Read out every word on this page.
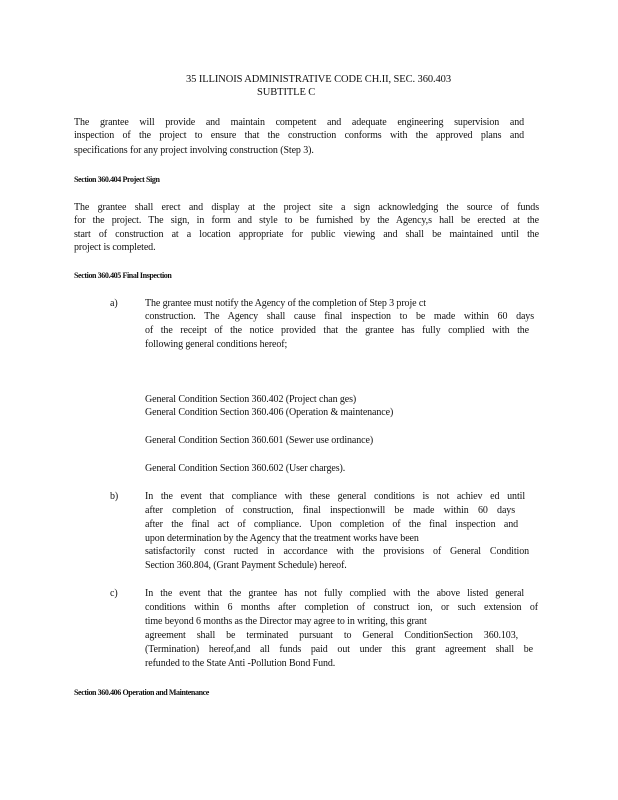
35 ILLINOIS ADMINISTRATIVE CODE CH.II, SEC. 360.403
SUBTITLE C
The grantee will provide and maintain competent and adequate engineering supervision and
inspection of the project to ensure that the construction conforms with the approved plans and
specifications for any project involving construction (Step 3).
Section 360.404 Project Sign
The grantee shall erect and display at the project site a sign acknowledging the source of funds
for the project. The sign, in form and style to be furnished by the Agency,s hall be erected at the
start of construction at a location appropriate for public viewing and shall be maintained until the
project is completed.
Section 360.405 Final Inspection
a)	The grantee must notify the Agency of the completion of Step 3 proje ct
construction. The Agency shall cause final inspection to be made within 60 days
of the receipt of the notice provided that the grantee has fully complied with the
following general conditions hereof;
General Condition Section 360.402 (Project chan ges)
General Condition Section 360.406 (Operation & maintenance)
General Condition Section 360.601 (Sewer use ordinance)
General Condition Section 360.602 (User charges).
b)	In the event that compliance with these general conditions is not achiev ed until
after completion of construction, final inspectionwill be made within 60 days
after the final act of compliance. Upon completion of the final inspection and
upon determination by the Agency that the treatment works have been
satisfactorily const ructed in accordance with the provisions of General Condition
Section 360.804, (Grant Payment Schedule) hereof.
c)	In the event that the grantee has not fully complied with the above listed general
conditions within 6 months after completion of construct ion, or such extension of
time beyond 6 months as the Director may agree to in writing, this grant
agreement shall be terminated pursuant to General ConditionSection 360.103,
(Termination) hereof,and all funds paid out under this grant agreement shall be
refunded to the State Anti -Pollution Bond Fund.
Section 360.406 Operation and Maintenance
